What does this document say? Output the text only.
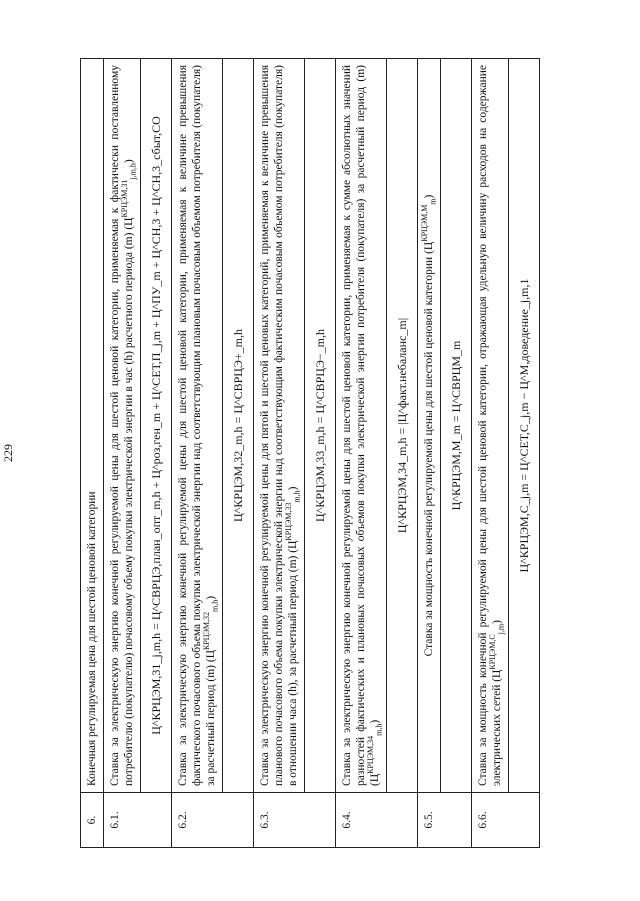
229
6.	Конечная регулируемая цена для шестой ценовой категории
6.1.	Ставка за электрическую энергию конечной регулируемой цены для шестой ценовой категории, применяемая к фактически поставленному потребителю (покупателю) почасовому объему покупки электрической энергии в час (h) расчетного периода (m) $(Ц^{КРЦЭМ,31}_{j,m,h})$
	Ц^КРЦЭМ,31_j,m,h = Ц^СВРЦЭ,план_опт_m,h + Ц^роз,ген_m + Ц^СЕТ,П_j,m + Ц^ПУ_m + Ц^СН,3 + Ц^СН,3_сбыт,СО
6.2.	Ставка за электрическую энергию конечной регулируемой цены для шестой ценовой категории, применяемая к величине превышения фактического почасового объема покупки электрической энергии над соответствующим плановым почасовым объемом потребителя (покупателя) за расчетный период (m) $(Ц^{КРЦЭМ,32}_{m,h})$
	Ц^КРЦЭМ,32_m,h = Ц^СВРЦЭ+_m,h
6.3.	Ставка за электрическую энергию конечной регулируемой цены для пятой и шестой ценовых категорий, применяемая к величине превышения планового почасового объема покупки электрической энергии над соответствующим фактическим почасовым объемом потребителя (покупателя) в отношении часа (h), за расчетный период (m) $(Ц^{КРЦЭМ,33}_{m,h})$
	Ц^КРЦЭМ,33_m,h = Ц^СВРЦЭ−_m,h
6.4.	Ставка за электрическую энергию конечной регулируемой цены для шестой ценовой категории, применяемая к сумме абсолютных значений разностей фактических и плановых почасовых объемов покупки электрической энергии потребителя (покупателя) за расчетный период (m) $(Ц^{КРЦЭМ,34}_{m,h})$
	Ц^КРЦЭМ,34_m,h = |Ц^факт.небаланс_m|
6.5.	Ставка за мощность конечной регулируемой цены для шестой ценовой категории $(Ц^{КРЦЭМ,М}_m)$
	Ц^КРЦЭМ,М_m = Ц^СВРЦМ_m
6.6.	Ставка за мощность конечной регулируемой цены для шестой ценовой категории, отражающая удельную величину расходов на содержание электрических сетей $(Ц^{КРЦЭМ,С}_{j,m})$
	Ц^КРЦЭМ,С_j,m = Ц^СЕТ,С_j,m − Ц^М,доведение_j,m,1
